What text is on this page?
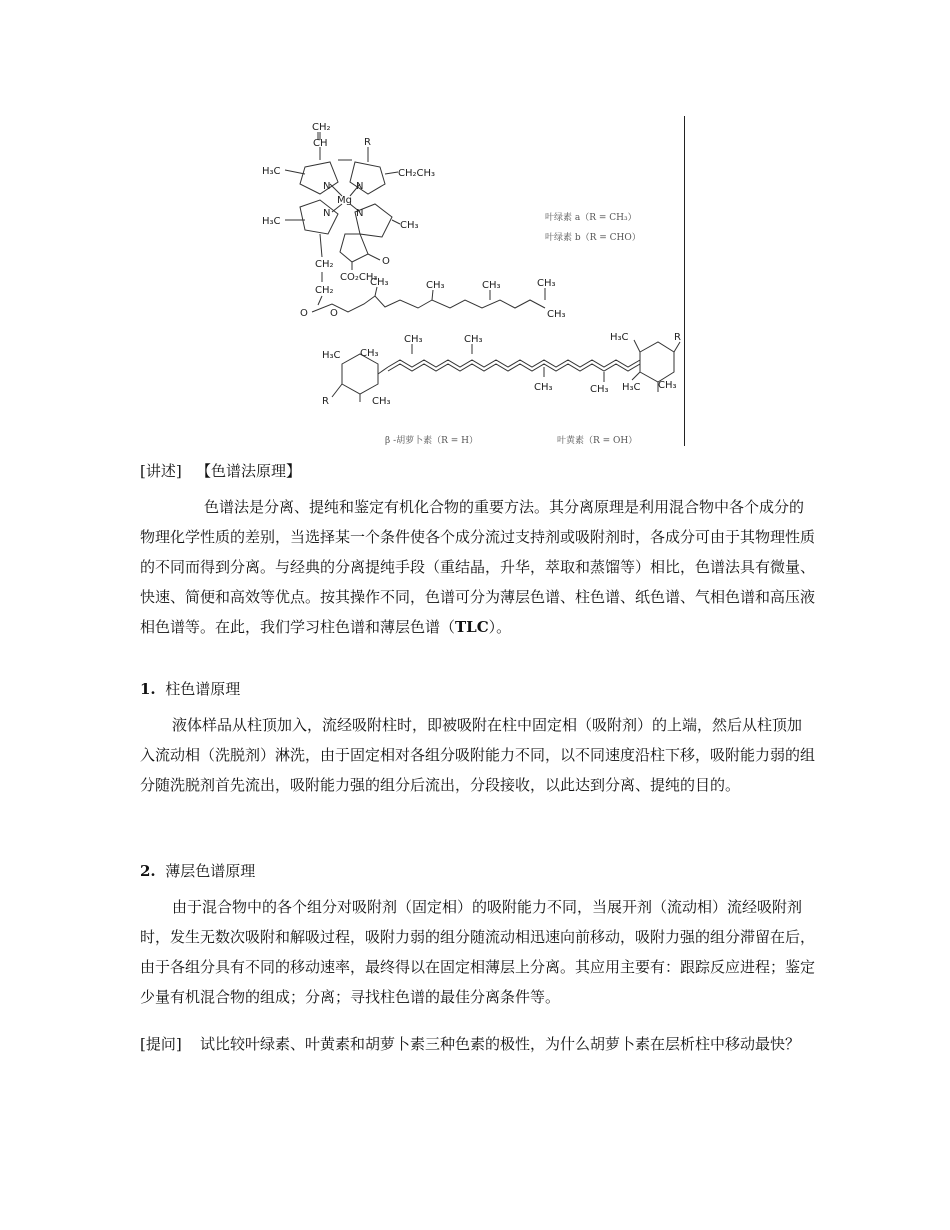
CH₂
CH	R
H₃C
N	N
Mg
CH₂CH₃
N	N
H₃C	CH₃
CO₂CH₃
O
CH₂
CH₂
O O
CH₃	CH₃	CH₃	CH₃
CH₃
叶绿素 a（R = CH₃）
叶绿素 b（R = CHO）
H₃C CH₃
CH₃	CH₃
R	CH₃
CH₃	CH₃
H₃C	R
H₃C CH₃
β -胡萝卜素（R = H）	叶黄素（R = OH）
[讲述] 【色谱法原理】
色谱法是分离、提纯和鉴定有机化合物的重要方法。其分离原理是利用混合物中各个成分的物理化学性质的差别，当选择某一个条件使各个成分流过支持剂或吸附剂时，各成分可由于其物理性质的不同而得到分离。与经典的分离提纯手段（重结晶，升华，萃取和蒸馏等）相比，色谱法具有微量、快速、简便和高效等优点。按其操作不同，色谱可分为薄层色谱、柱色谱、纸色谱、气相色谱和高压液相色谱等。在此，我们学习柱色谱和薄层色谱（TLC）。
1. 柱色谱原理
液体样品从柱顶加入，流经吸附柱时，即被吸附在柱中固定相（吸附剂）的上端，然后从柱顶加入流动相（洗脱剂）淋洗，由于固定相对各组分吸附能力不同，以不同速度沿柱下移，吸附能力弱的组分随洗脱剂首先流出，吸附能力强的组分后流出，分段接收，以此达到分离、提纯的目的。
2. 薄层色谱原理
由于混合物中的各个组分对吸附剂（固定相）的吸附能力不同，当展开剂（流动相）流经吸附剂时，发生无数次吸附和解吸过程，吸附力弱的组分随流动相迅速向前移动，吸附力强的组分滞留在后，由于各组分具有不同的移动速率，最终得以在固定相薄层上分离。其应用主要有：跟踪反应进程；鉴定少量有机混合物的组成；分离；寻找柱色谱的最佳分离条件等。
[提问] 试比较叶绿素、叶黄素和胡萝卜素三种色素的极性，为什么胡萝卜素在层析柱中移动最快？
